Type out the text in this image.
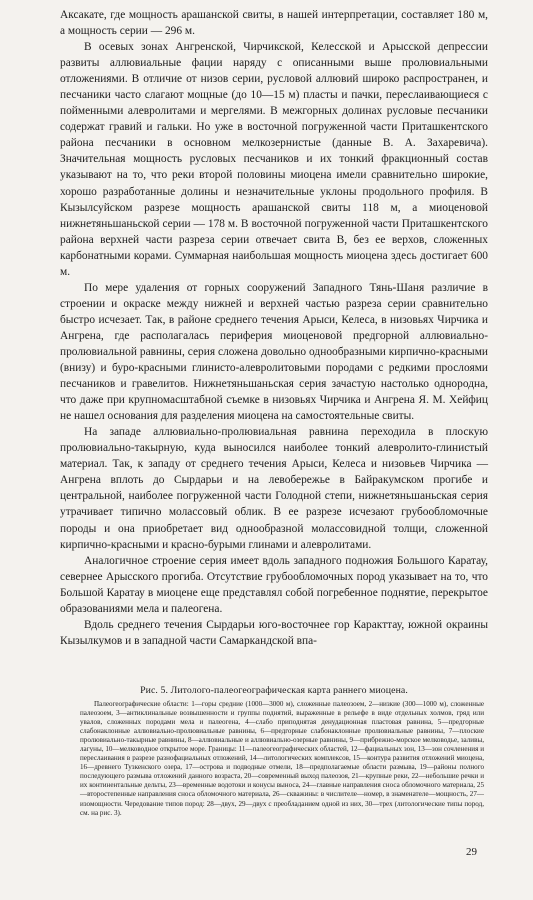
Аксакате, где мощность арашанской свиты, в нашей интерпретации, составляет 180 м, а мощность серии — 296 м.

В осевых зонах Ангренской, Чирчикской, Келесской и Арысской депрессии развиты аллювиальные фации наряду с описанными выше пролювиальными отложениями. В отличие от низов серии, русловой аллювий широко распространен, и песчаники часто слагают мощные (до 10—15 м) пласты и пачки, переслаивающиеся с пойменными алевролитами и мергелями. В межгорных долинах русловые песчаники содержат гравий и гальки. Но уже в восточной погруженной части Приташкентского района песчаники в основном мелкозернистые (данные В. А. Захаревича). Значительная мощность русловых песчаников и их тонкий фракционный состав указывают на то, что реки второй половины миоцена имели сравнительно широкие, хорошо разработанные долины и незначительные уклоны продольного профиля. В Кызылсуйском разрезе мощность арашанской свиты 118 м, а миоценовой нижнетяньшаньской серии — 178 м. В восточной погруженной части Приташкентского района верхней части разреза серии отвечает свита В, без ее верхов, сложенных карбонатными корами. Суммарная наибольшая мощность миоцена здесь достигает 600 м.

По мере удаления от горных сооружений Западного Тянь-Шаня различие в строении и окраске между нижней и верхней частью разреза серии сравнительно быстро исчезает. Так, в районе среднего течения Арыси, Келеса, в низовьях Чирчика и Ангрена, где располагалась периферия миоценовой предгорной аллювиально-пролювиальной равнины, серия сложена довольно однообразными кирпично-красными (внизу) и буро-красными глинисто-алевролитовыми породами с редкими прослоями песчаников и гравелитов. Нижнетяньшаньская серия зачастую настолько однородна, что даже при крупномасштабной съемке в низовьях Чирчика и Ангрена Я. М. Хейфиц не нашел основания для разделения миоцена на самостоятельные свиты.

На западе аллювиально-пролювиальная равнина переходила в плоскую пролювиально-такырную, куда выносился наиболее тонкий алевролито-глинистый материал. Так, к западу от среднего течения Арыси, Келеса и низовьев Чирчика — Ангрена вплоть до Сырдарьи и на левобережье в Байракумском прогибе и центральной, наиболее погруженной части Голодной степи, нижнетяньшаньская серия утрачивает типично молассовый облик. В ее разрезе исчезают грубообломочные породы и она приобретает вид однообразной молассовидной толщи, сложенной кирпично-красными и красно-бурыми глинами и алевролитами.

Аналогичное строение серия имеет вдоль западного подножия Большого Каратау, севернее Арысского прогиба. Отсутствие грубообломочных пород указывает на то, что Большой Каратау в миоцене еще представлял собой погребенное поднятие, перекрытое образованиями мела и палеогена.

Вдоль среднего течения Сырдарьи юго-восточнее гор Каракттау, южной окраины Кызылкумов и в западной части Самаркандской впа-

Рис. 5. Литолого-палеогеографическая карта раннего миоцена.

Палеогеографические области: 1—горы средние (1000—3000 м), сложенные палеозоем, 2—низкие (300—1000 м), сложенные палеозоем, 3—антиклинальные возвышенности и группы поднятий, выраженные в рельефе в виде отдельных холмов, гряд или увалов, сложенных породами мела и палеогена, 4—слабо приподнятая денудационная пластовая равнина, 5—предгорные слабонаклонные аллювиально-пролювиальные равнины, 6—предгорные слабонаклонные пролювиальные равнины, 7—плоские пролювиально-такырные равнины, 8—аллювиальные и аллювиально-озерные равнины, 9—прибрежно-морское мелководье, заливы, лагуны, 10—мелководное открытое море. Границы: 11—палеогеографических областей, 12—фациальных зон, 13—зон сочленения и переслаивания в разрезе разнофациальных отложений, 14—литологических комплексов, 15—контура развития отложений миоцена, 16—древнего Тузкенского озера, 17—острова и подводные отмели, 18—предполагаемые области размыва, 19—районы полного последующего размыва отложений данного возраста, 20—современный выход палеозоя, 21—крупные реки, 22—небольшие речки и их континентальные дельты, 23—временные водотоки и конусы выноса, 24—главные направления сноса обломочного материала, 25—второстепенные направления сноса обломочного материала, 26—скважины: в числителе—номер, в знаменателе—мощность, 27—изомощности. Чередование типов пород: 28—двух, 29—двух с преобладанием одной из них, 30—трех (литологические типы пород, см. на рис. 3).

29
